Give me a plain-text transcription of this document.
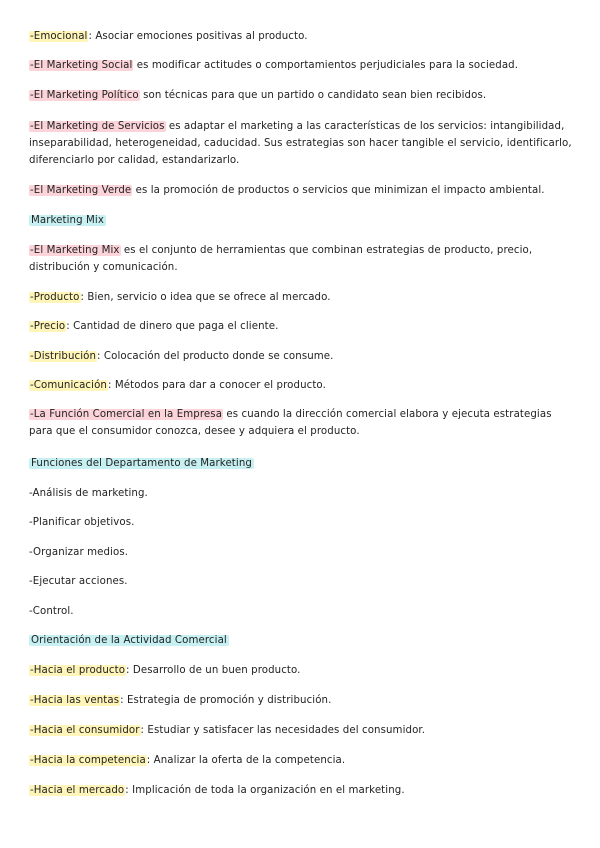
-Emocional: Asociar emociones positivas al producto.
-El Marketing Social es modificar actitudes o comportamientos perjudiciales para la sociedad.
-El Marketing Político son técnicas para que un partido o candidato sean bien recibidos.
-El Marketing de Servicios es adaptar el marketing a las características de los servicios: intangibilidad, inseparabilidad, heterogeneidad, caducidad. Sus estrategias son hacer tangible el servicio, identificarlo, diferenciarlo por calidad, estandarizarlo.
-El Marketing Verde es la promoción de productos o servicios que minimizan el impacto ambiental.
Marketing Mix
-El Marketing Mix es el conjunto de herramientas que combinan estrategias de producto, precio, distribución y comunicación.
-Producto: Bien, servicio o idea que se ofrece al mercado.
-Precio: Cantidad de dinero que paga el cliente.
-Distribución: Colocación del producto donde se consume.
-Comunicación: Métodos para dar a conocer el producto.
-La Función Comercial en la Empresa es cuando la dirección comercial elabora y ejecuta estrategias para que el consumidor conozca, desee y adquiera el producto.
Funciones del Departamento de Marketing
-Análisis de marketing.
-Planificar objetivos.
-Organizar medios.
-Ejecutar acciones.
-Control.
Orientación de la Actividad Comercial
-Hacia el producto: Desarrollo de un buen producto.
-Hacia las ventas: Estrategia de promoción y distribución.
-Hacia el consumidor: Estudiar y satisfacer las necesidades del consumidor.
-Hacia la competencia: Analizar la oferta de la competencia.
-Hacia el mercado: Implicación de toda la organización en el marketing.
